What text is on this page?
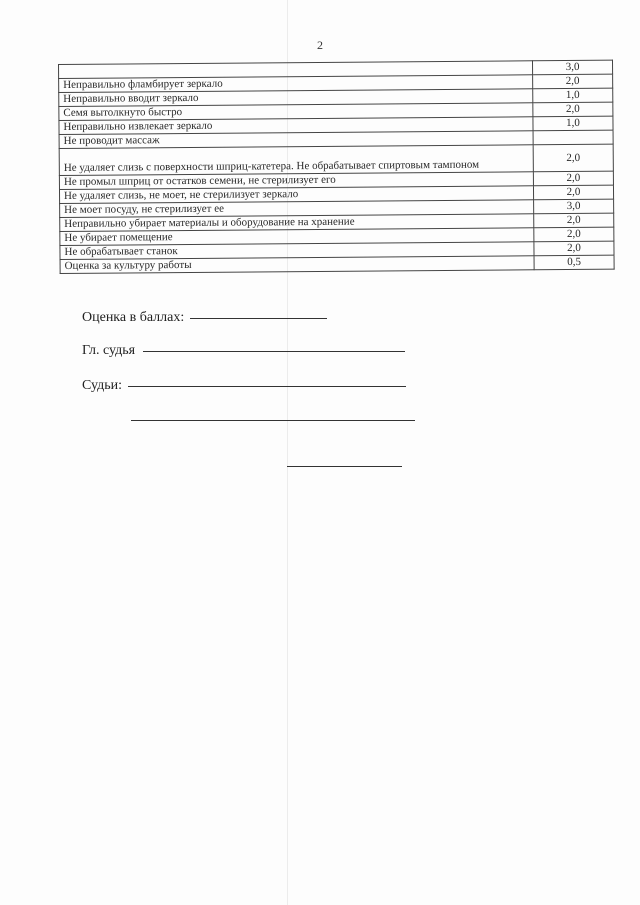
2
	3,0
Неправильно фламбирует зеркало	2,0
Неправильно вводит зеркало	1,0
Семя вытолкнуто быстро	2,0
Неправильно извлекает зеркало	1,0
Не проводит массаж	
Не удаляет слизь с поверхности шприц-катетера. Не обрабатывает спиртовым тампоном	2,0
Не промыл шприц от остатков семени, не стерилизует его	2,0
Не удаляет слизь, не моет, не стерилизует зеркало	2,0
Не моет посуду, не стерилизует ее	3,0
Неправильно убирает материалы и оборудование на хранение	2,0
Не убирает помещение	2,0
Не обрабатывает станок	2,0
Оценка за культуру работы	0,5
Оценка в баллах:
Гл. судья
Судьи:
